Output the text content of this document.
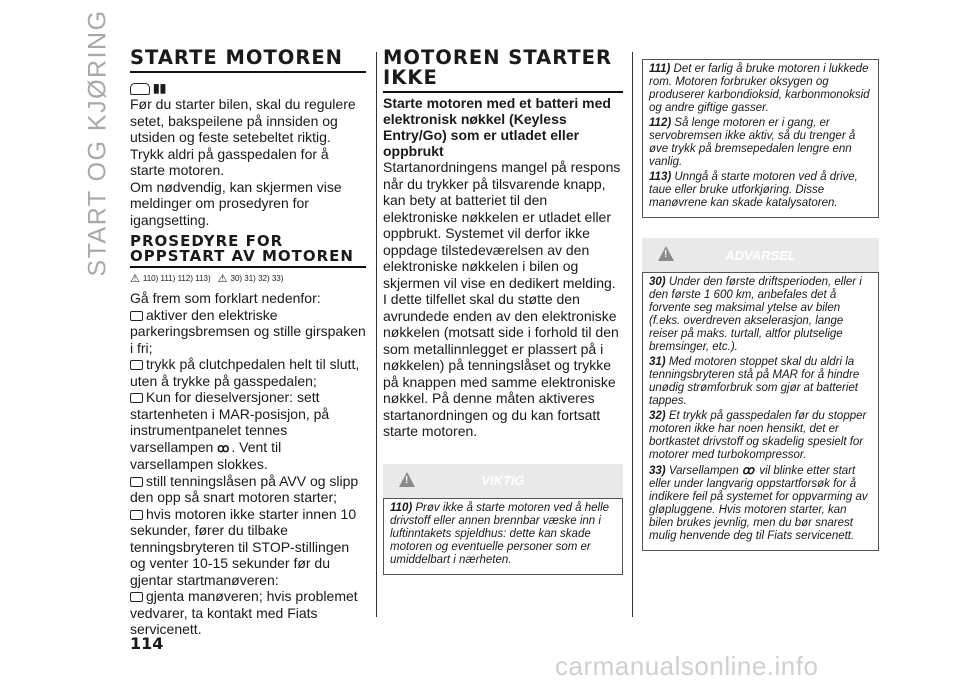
START OG KJØRING STARTE MOTOREN
▮▮

Før du starter bilen, skal du regulere setet, bakspeilene på innsiden og utsiden og feste setebeltet riktig. Trykk aldri på gasspedalen for å starte motoren.

Om nødvendig, kan skjermen vise meldinger om prosedyren for igangsetting.

PROSEDYRE FOR OPPSTART AV MOTOREN
⚠ 110) 111) 112) 113) ⚠ 30) 31) 32) 33)

Gå frem som forklart nedenfor:

aktiver den elektriske parkeringsbremsen og stille girspaken i fri;

trykk på clutchpedalen helt til slutt, uten å trykke på gasspedalen;

Kun for dieselversjoner: sett startenheten i MAR-posisjon, på instrumentpanelet tennes varsellampen ꝏ . Vent til varsellampen slokkes.

still tenningslåsen på AVV og slipp den opp så snart motoren starter;

hvis motoren ikke starter innen 10 sekunder, fører du tilbake tenningsbryteren til STOP-stillingen og venter 10-15 sekunder før du gjentar startmanøveren:

gjenta manøveren; hvis problemet vedvarer, ta kontakt med Fiats servicenett.

MOTOREN STARTER IKKE
Starte motoren med et batteri med elektronisk nøkkel (Keyless Entry/Go) som er utladet eller oppbrukt

Startanordningens mangel på respons når du trykker på tilsvarende knapp, kan bety at batteriet til den elektroniske nøkkelen er utladet eller oppbrukt. Systemet vil derfor ikke oppdage tilstedeværelsen av den elektroniske nøkkelen i bilen og skjermen vil vise en dedikert melding. I dette tilfellet skal du støtte den avrundede enden av den elektroniske nøkkelen (motsatt side i forhold til den som metallinnlegget er plassert på i nøkkelen) på tenningslåset og trykke på knappen med samme elektroniske nøkkel. På denne måten aktiveres startanordningen og du kan fortsatt starte motoren.

!	VIKTIG

110) Prøv ikke å starte motoren ved å helle drivstoff eller annen brennbar væske inn i luftinntakets spjeldhus: dette kan skade motoren og eventuelle personer som er umiddelbart i nærheten.

111) Det er farlig å bruke motoren i lukkede rom. Motoren forbruker oksygen og produserer karbondioksid, karbonmonoksid og andre giftige gasser.

112) Så lenge motoren er i gang, er servobremsen ikke aktiv, så du trenger å øve trykk på bremsepedalen lengre enn vanlig.

113) Unngå å starte motoren ved å drive, taue eller bruke utforkjøring. Disse manøvrene kan skade katalysatoren.

!	ADVARSEL

30) Under den første driftsperioden, eller i den første 1 600 km, anbefales det å forvente seg maksimal ytelse av bilen (f.eks. overdreven akselerasjon, lange reiser på maks. turtall, altfor plutselige bremsinger, etc.).

31) Med motoren stoppet skal du aldri la tenningsbryteren stå på MAR for å hindre unødig strømforbruk som gjør at batteriet tappes.

32) Et trykk på gasspedalen før du stopper motoren ikke har noen hensikt, det er bortkastet drivstoff og skadelig spesielt for motorer med turbokompressor.

33) Varsellampen ꝏ vil blinke etter start eller under langvarig oppstartforsøk for å indikere feil på systemet for oppvarming av gløpluggene. Hvis motoren starter, kan bilen brukes jevnlig, men du bør snarest mulig henvende deg til Fiats servicenett.

114
carmanualsonline.info
